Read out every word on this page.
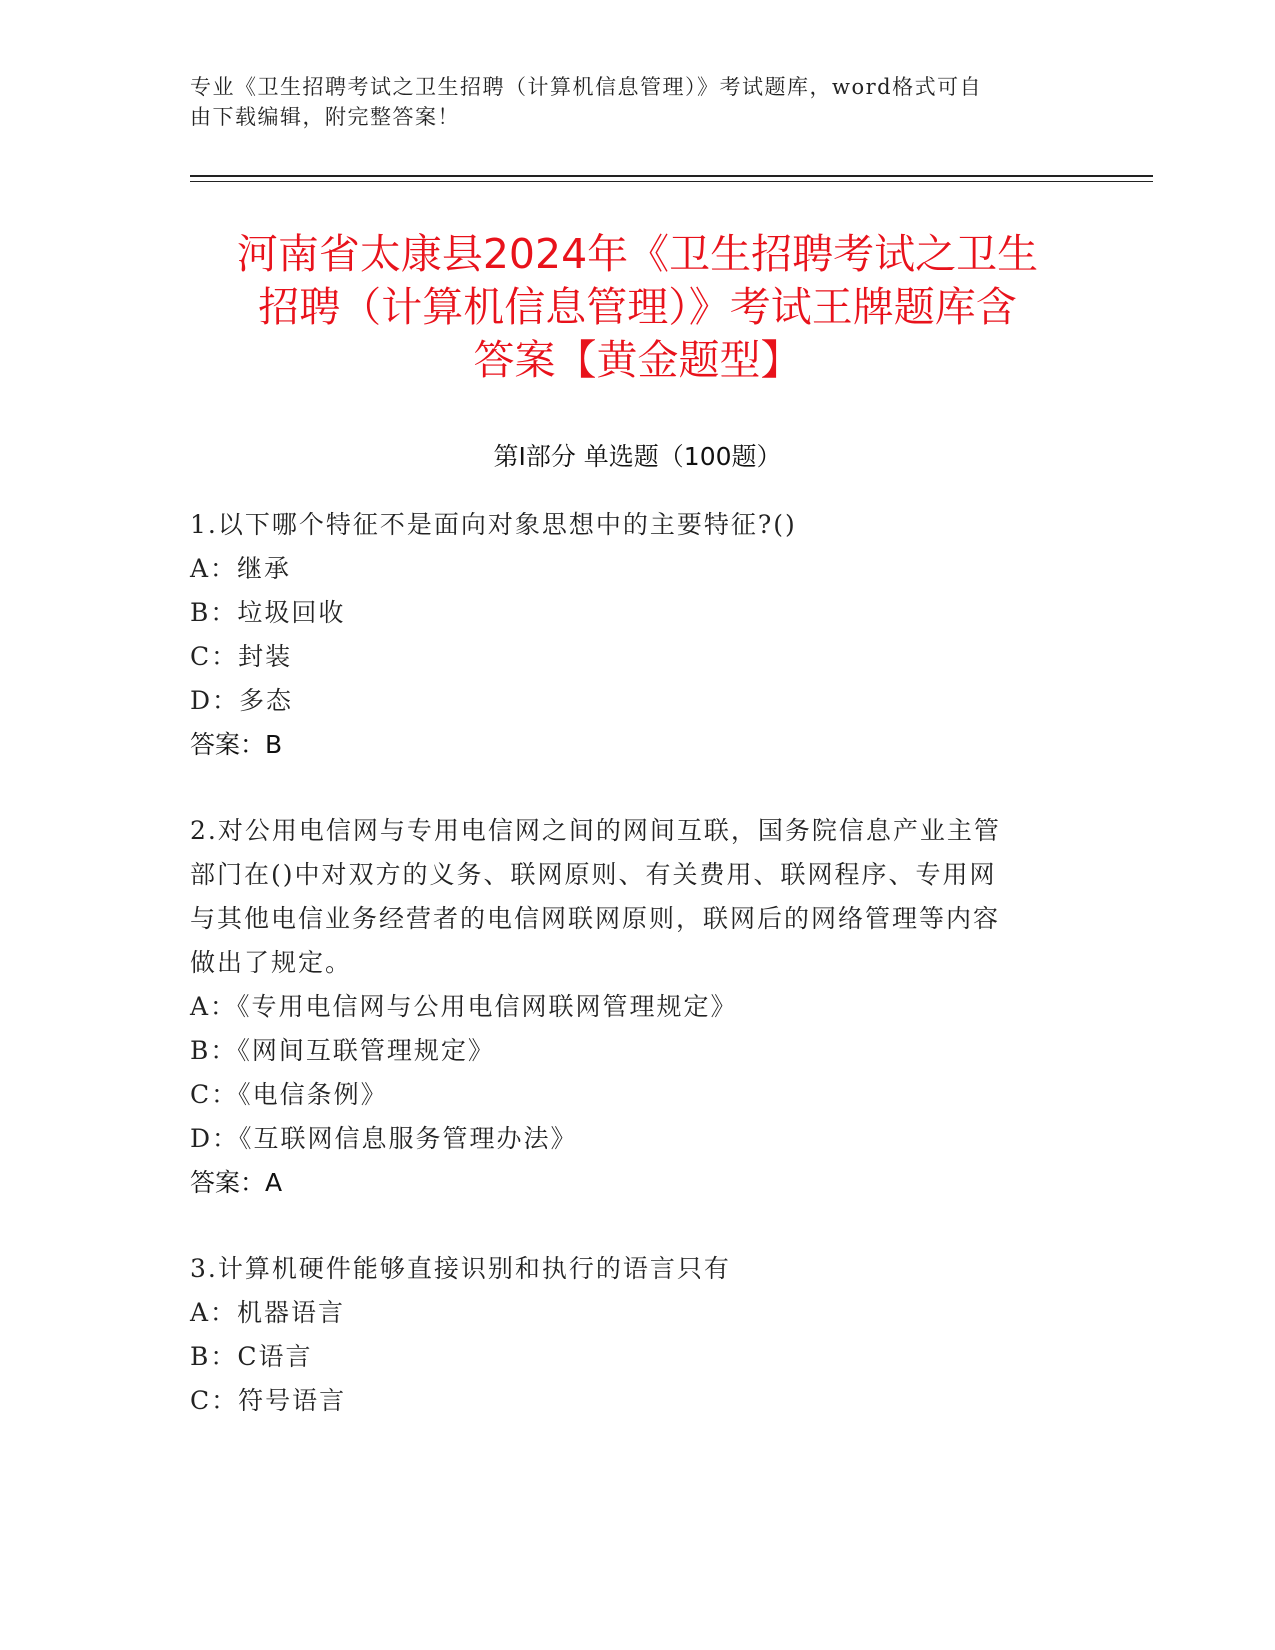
专业《卫生招聘考试之卫生招聘（计算机信息管理）》考试题库，word格式可自
由下载编辑，附完整答案！
河南省太康县2024年《卫生招聘考试之卫生
招聘（计算机信息管理）》考试王牌题库含
答案【黄金题型】
第I部分 单选题（100题）
1.以下哪个特征不是面向对象思想中的主要特征?()
A：继承
B：垃圾回收
C：封装
D：多态
答案：B
2.对公用电信网与专用电信网之间的网间互联，国务院信息产业主管
部门在()中对双方的义务、联网原则、有关费用、联网程序、专用网
与其他电信业务经营者的电信网联网原则，联网后的网络管理等内容
做出了规定。
A：《专用电信网与公用电信网联网管理规定》
B：《网间互联管理规定》
C：《电信条例》
D：《互联网信息服务管理办法》
答案：A
3.计算机硬件能够直接识别和执行的语言只有
A：机器语言
B：C语言
C：符号语言
